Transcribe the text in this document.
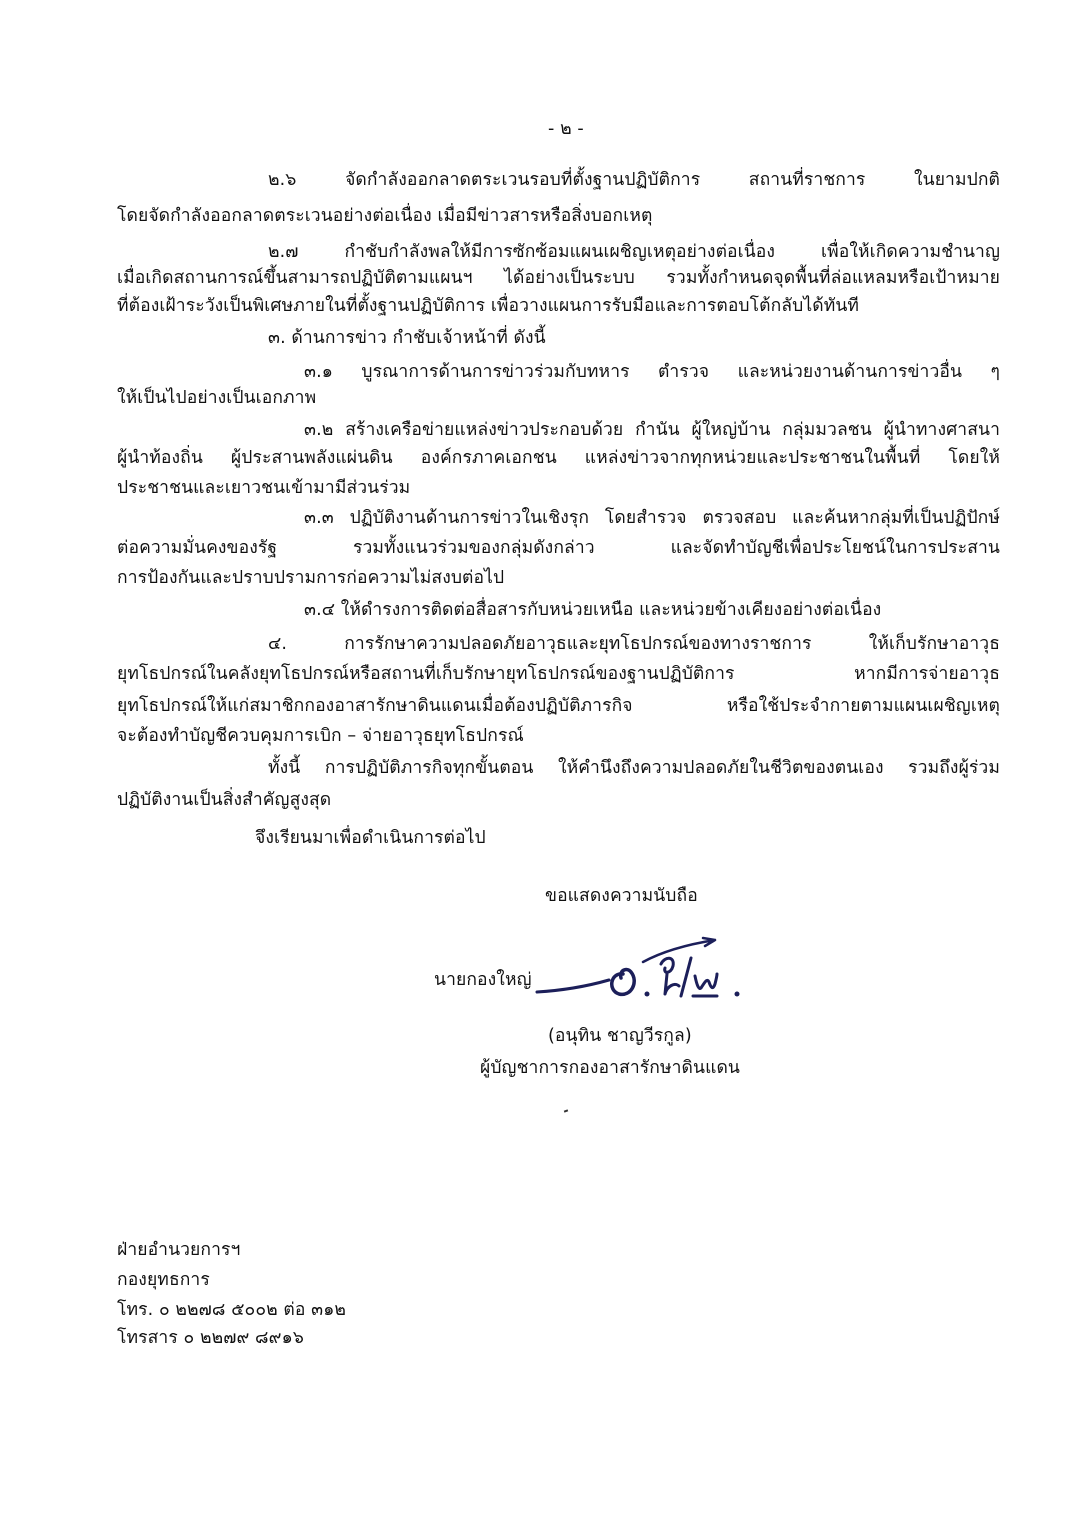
- ๒ -
๒.๖ จัดกำลังออกลาดตระเวนรอบที่ตั้งฐานปฏิบัติการ สถานที่ราชการ ในยามปกติ
โดยจัดกำลังออกลาดตระเวนอย่างต่อเนื่อง เมื่อมีข่าวสารหรือสิ่งบอกเหตุ
๒.๗ กำชับกำลังพลให้มีการซักซ้อมแผนเผชิญเหตุอย่างต่อเนื่อง เพื่อให้เกิดความชำนาญ
เมื่อเกิดสถานการณ์ขึ้นสามารถปฏิบัติตามแผนฯ ได้อย่างเป็นระบบ รวมทั้งกำหนดจุดพื้นที่ล่อแหลมหรือเป้าหมาย
ที่ต้องเฝ้าระวังเป็นพิเศษภายในที่ตั้งฐานปฏิบัติการ เพื่อวางแผนการรับมือและการตอบโต้กลับได้ทันที
๓. ด้านการข่าว กำชับเจ้าหน้าที่ ดังนี้
๓.๑ บูรณาการด้านการข่าวร่วมกับทหาร ตำรวจ และหน่วยงานด้านการข่าวอื่น ๆ
ให้เป็นไปอย่างเป็นเอกภาพ
๓.๒ สร้างเครือข่ายแหล่งข่าวประกอบด้วย กำนัน ผู้ใหญ่บ้าน กลุ่มมวลชน ผู้นำทางศาสนา
ผู้นำท้องถิ่น ผู้ประสานพลังแผ่นดิน องค์กรภาคเอกชน แหล่งข่าวจากทุกหน่วยและประชาชนในพื้นที่ โดยให้
ประชาชนและเยาวชนเข้ามามีส่วนร่วม
๓.๓ ปฏิบัติงานด้านการข่าวในเชิงรุก โดยสำรวจ ตรวจสอบ และค้นหากลุ่มที่เป็นปฏิปักษ์
ต่อความมั่นคงของรัฐ รวมทั้งแนวร่วมของกลุ่มดังกล่าว และจัดทำบัญชีเพื่อประโยชน์ในการประสาน
การป้องกันและปราบปรามการก่อความไม่สงบต่อไป
๓.๔ ให้ดำรงการติดต่อสื่อสารกับหน่วยเหนือ และหน่วยข้างเคียงอย่างต่อเนื่อง
๔. การรักษาความปลอดภัยอาวุธและยุทโธปกรณ์ของทางราชการ ให้เก็บรักษาอาวุธ
ยุทโธปกรณ์ในคลังยุทโธปกรณ์หรือสถานที่เก็บรักษายุทโธปกรณ์ของฐานปฏิบัติการ หากมีการจ่ายอาวุธ
ยุทโธปกรณ์ให้แก่สมาชิกกองอาสารักษาดินแดนเมื่อต้องปฏิบัติภารกิจ หรือใช้ประจำกายตามแผนเผชิญเหตุ
จะต้องทำบัญชีควบคุมการเบิก – จ่ายอาวุธยุทโธปกรณ์
ทั้งนี้ การปฏิบัติภารกิจทุกขั้นตอน ให้คำนึงถึงความปลอดภัยในชีวิตของตนเอง รวมถึงผู้ร่วม
ปฏิบัติงานเป็นสิ่งสำคัญสูงสุด
จึงเรียนมาเพื่อดำเนินการต่อไป
ขอแสดงความนับถือ
นายกองใหญ่
(อนุทิน ชาญวีรกูล)
ผู้บัญชาการกองอาสารักษาดินแดน
ฝ่ายอำนวยการฯ
กองยุทธการ
โทร. ๐ ๒๒๗๘ ๕๐๐๒ ต่อ ๓๑๒
โทรสาร ๐ ๒๒๗๙ ๘๙๑๖
